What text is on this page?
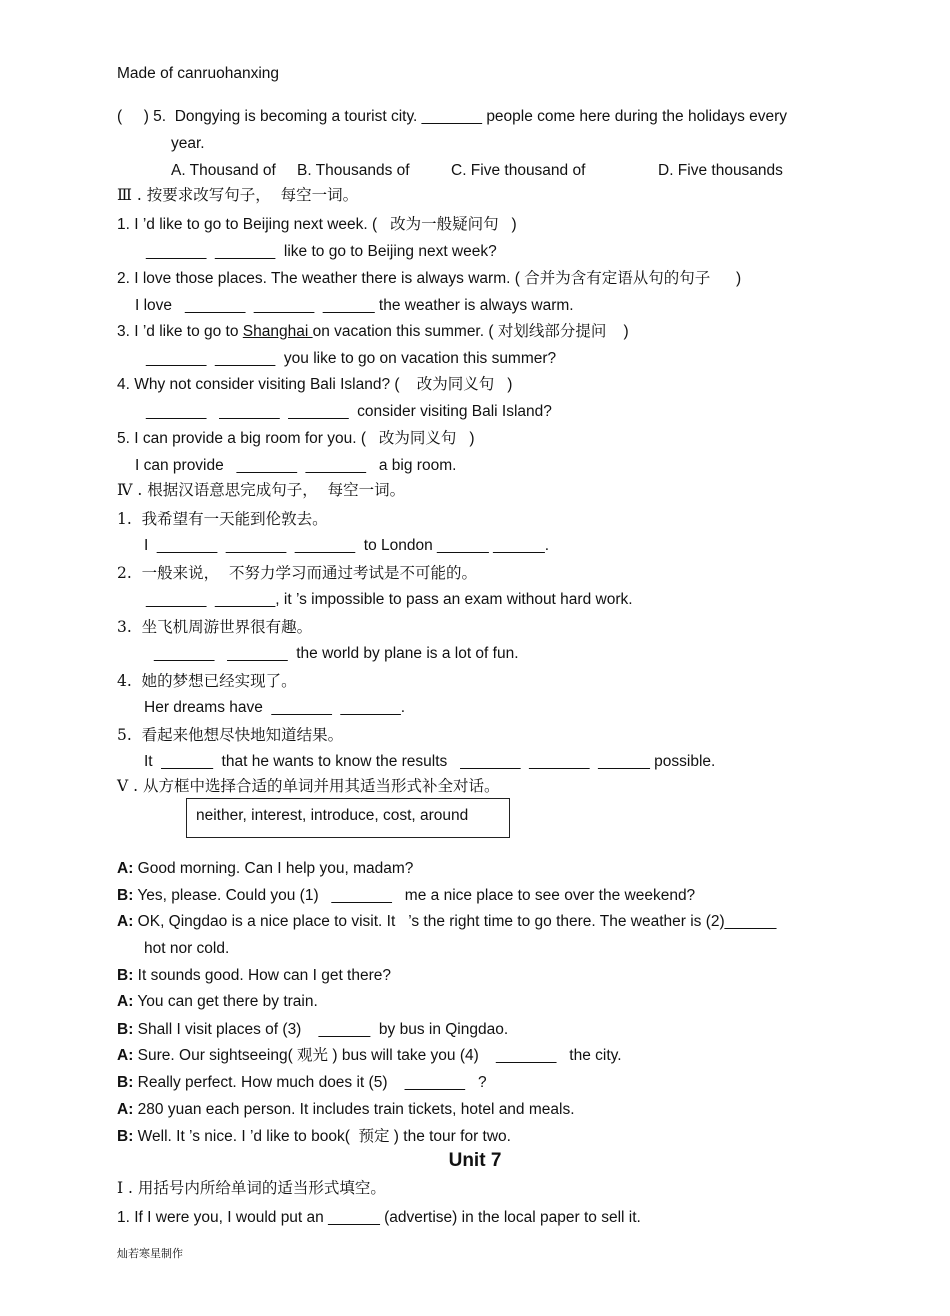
Made of canruohanxing
(     ) 5.  Dongying is becoming a tourist city. _______ people come here during the holidays every
year.
A. Thousand of B. Thousands of	C. Five thousand of	D. Five thousands
Ⅲ . 按要求改写句子，  每空一词。
1. I ’d like to go to Beijing next week. (   改为一般疑问句   )
_______  _______  like to go to Beijing next week?
2. I love those places. The weather there is always warm. ( 合并为含有定语从句的句子      )
I love   _______  _______  ______ the weather is always warm.
3. I ’d like to go to Shanghai on vacation this summer. ( 对划线部分提问    )
_______  _______  you like to go on vacation this summer?
4. Why not consider visiting Bali Island? (    改为同义句   )
_______   _______  _______  consider visiting Bali Island?
5. I can provide a big room for you. (   改为同义句   )
I can provide   _______  _______   a big room.
Ⅳ . 根据汉语意思完成句子，  每空一词。
1.  我希望有一天能到伦敦去。
I  _______  _______  _______  to London ______ ______.
2.  一般来说，  不努力学习而通过考试是不可能的。
_______  _______, it ’s impossible to pass an exam without hard work.
3.  坐飞机周游世界很有趣。
_______   _______  the world by plane is a lot of fun.
4.  她的梦想已经实现了。
Her dreams have  _______  _______.
5.  看起来他想尽快地知道结果。
It  ______  that he wants to know the results   _______  _______  ______ possible.
Ⅴ . 从方框中选择合适的单词并用其适当形式补全对话。
neither, interest, introduce, cost, around
A: Good morning. Can I help you, madam?
B: Yes, please. Could you (1)   _______   me a nice place to see over the weekend?
A: OK, Qingdao is a nice place to visit. It   ’s the right time to go there. The weather is (2)______
hot nor cold.
B: It sounds good. How can I get there?
A: You can get there by train.
B: Shall I visit places of (3)    ______  by bus in Qingdao.
A: Sure. Our sightseeing( 观光 ) bus will take you (4)    _______   the city.
B: Really perfect. How much does it (5)    _______   ?
A: 280 yuan each person. It includes train tickets, hotel and meals.
B: Well. It ’s nice. I ’d like to book(  预定 ) the tour for two.
Unit 7
Ⅰ . 用括号内所给单词的适当形式填空。
1. If I were you, I would put an ______ (advertise) in the local paper to sell it.
灿若寒星制作
